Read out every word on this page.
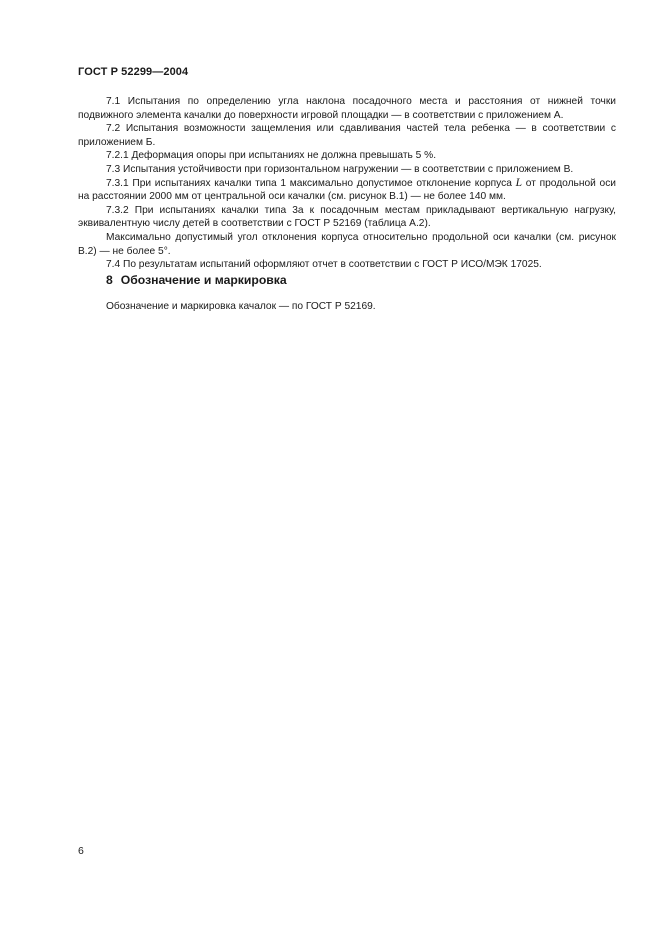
ГОСТ Р 52299—2004

7.1 Испытания по определению угла наклона посадочного места и расстояния от нижней точки подвижного элемента качалки до поверхности игровой площадки — в соответствии с приложением А.

7.2 Испытания возможности защемления или сдавливания частей тела ребенка — в соответствии с приложением Б.

7.2.1 Деформация опоры при испытаниях не должна превышать 5 %.

7.3 Испытания устойчивости при горизонтальном нагружении — в соответствии с приложением В.

7.3.1 При испытаниях качалки типа 1 максимально допустимое отклонение корпуса L от продольной оси на расстоянии 2000 мм от центральной оси качалки (см. рисунок В.1) — не более 140 мм.

7.3.2 При испытаниях качалки типа 3а к посадочным местам прикладывают вертикальную нагрузку, эквивалентную числу детей в соответствии с ГОСТ Р 52169 (таблица А.2).

Максимально допустимый угол отклонения корпуса относительно продольной оси качалки (см. рисунок В.2) — не более 5°.

7.4 По результатам испытаний оформляют отчет в соответствии с ГОСТ Р ИСО/МЭК 17025.

8 Обозначение и маркировка

Обозначение и маркировка качалок — по ГОСТ Р 52169.

6
